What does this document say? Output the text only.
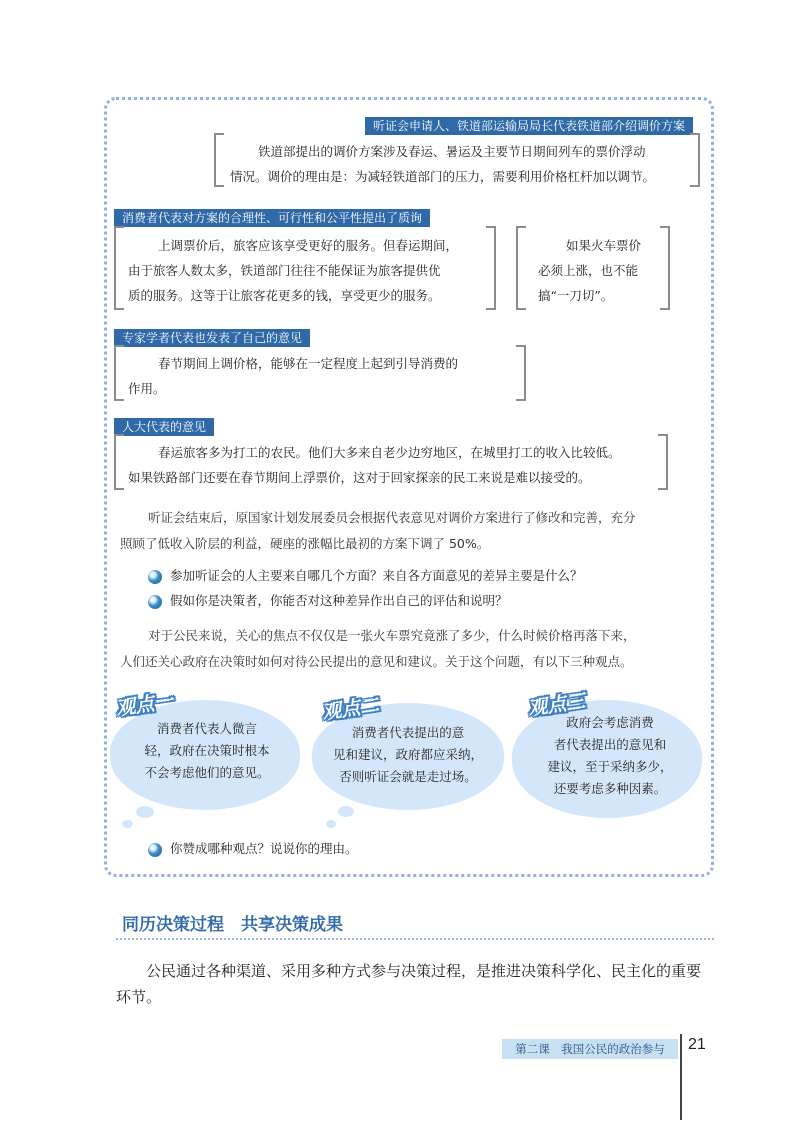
听证会申请人、铁道部运输局局长代表铁道部介绍调价方案
铁道部提出的调价方案涉及春运、暑运及主要节日期间列车的票价浮动
情况。调价的理由是：为减轻铁道部门的压力，需要利用价格杠杆加以调节。
消费者代表对方案的合理性、可行性和公平性提出了质询
上调票价后，旅客应该享受更好的服务。但春运期间，
由于旅客人数太多，铁道部门往往不能保证为旅客提供优
质的服务。这等于让旅客花更多的钱，享受更少的服务。
如果火车票价
必须上涨，也不能
搞“一刀切”。
专家学者代表也发表了自己的意见
春节期间上调价格，能够在一定程度上起到引导消费的
作用。
人大代表的意见
春运旅客多为打工的农民。他们大多来自老少边穷地区，在城里打工的收入比较低。
如果铁路部门还要在春节期间上浮票价，这对于回家探亲的民工来说是难以接受的。
听证会结束后，原国家计划发展委员会根据代表意见对调价方案进行了修改和完善，充分
照顾了低收入阶层的利益，硬座的涨幅比最初的方案下调了 50%。
参加听证会的人主要来自哪几个方面？来自各方面意见的差异主要是什么？
假如你是决策者，你能否对这种差异作出自己的评估和说明？
对于公民来说，关心的焦点不仅仅是一张火车票究竟涨了多少，什么时候价格再落下来，
人们还关心政府在决策时如何对待公民提出的意见和建议。关于这个问题，有以下三种观点。
观点一
消费者代表人微言
轻，政府在决策时根本
不会考虑他们的意见。
观点二
消费者代表提出的意
见和建议，政府都应采纳，
否则听证会就是走过场。
观点三
政府会考虑消费
者代表提出的意见和
建议，至于采纳多少，
还要考虑多种因素。
你赞成哪种观点？说说你的理由。
同历决策过程　共享决策成果
公民通过各种渠道、采用多种方式参与决策过程，是推进决策科学化、民主化的重要
环节。
第二课　我国公民的政治参与	21
